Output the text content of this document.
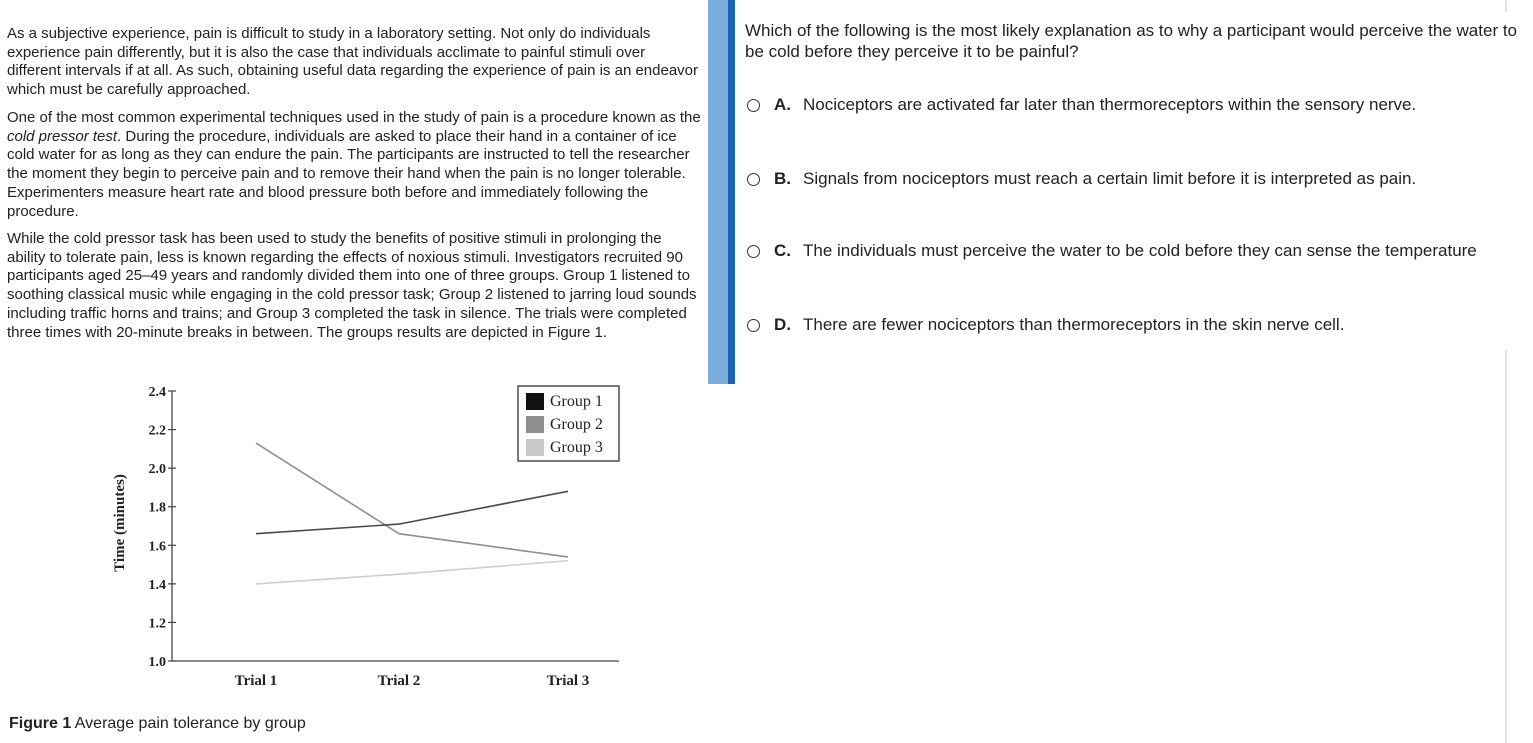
As a subjective experience, pain is difficult to study in a laboratory setting. Not only do individuals experience pain differently, but it is also the case that individuals acclimate to painful stimuli over different intervals if at all. As such, obtaining useful data regarding the experience of pain is an endeavor which must be carefully approached.

One of the most common experimental techniques used in the study of pain is a procedure known as the cold pressor test. During the procedure, individuals are asked to place their hand in a container of ice cold water for as long as they can endure the pain. The participants are instructed to tell the researcher the moment they begin to perceive pain and to remove their hand when the pain is no longer tolerable. Experimenters measure heart rate and blood pressure both before and immediately following the procedure.

While the cold pressor task has been used to study the benefits of positive stimuli in prolonging the ability to tolerate pain, less is known regarding the effects of noxious stimuli. Investigators recruited 90 participants aged 25–49 years and randomly divided them into one of three groups. Group 1 listened to soothing classical music while engaging in the cold pressor task; Group 2 listened to jarring loud sounds including traffic horns and trains; and Group 3 completed the task in silence. The trials were completed three times with 20-minute breaks in between. The groups results are depicted in Figure 1.

Time (minutes)
1.0
1.2
1.4
1.6
1.8
2.0
2.2
2.4
Trial 1	Trial 2	Trial 3
Group 1
Group 2
Group 3
Figure 1 Average pain tolerance by group

Which of the following is the most likely explanation as to why a participant would perceive the water to be cold before they perceive it to be painful?

A. Nociceptors are activated far later than thermoreceptors within the sensory nerve.
B. Signals from nociceptors must reach a certain limit before it is interpreted as pain.
C. The individuals must perceive the water to be cold before they can sense the temperature
D. There are fewer nociceptors than thermoreceptors in the skin nerve cell.
